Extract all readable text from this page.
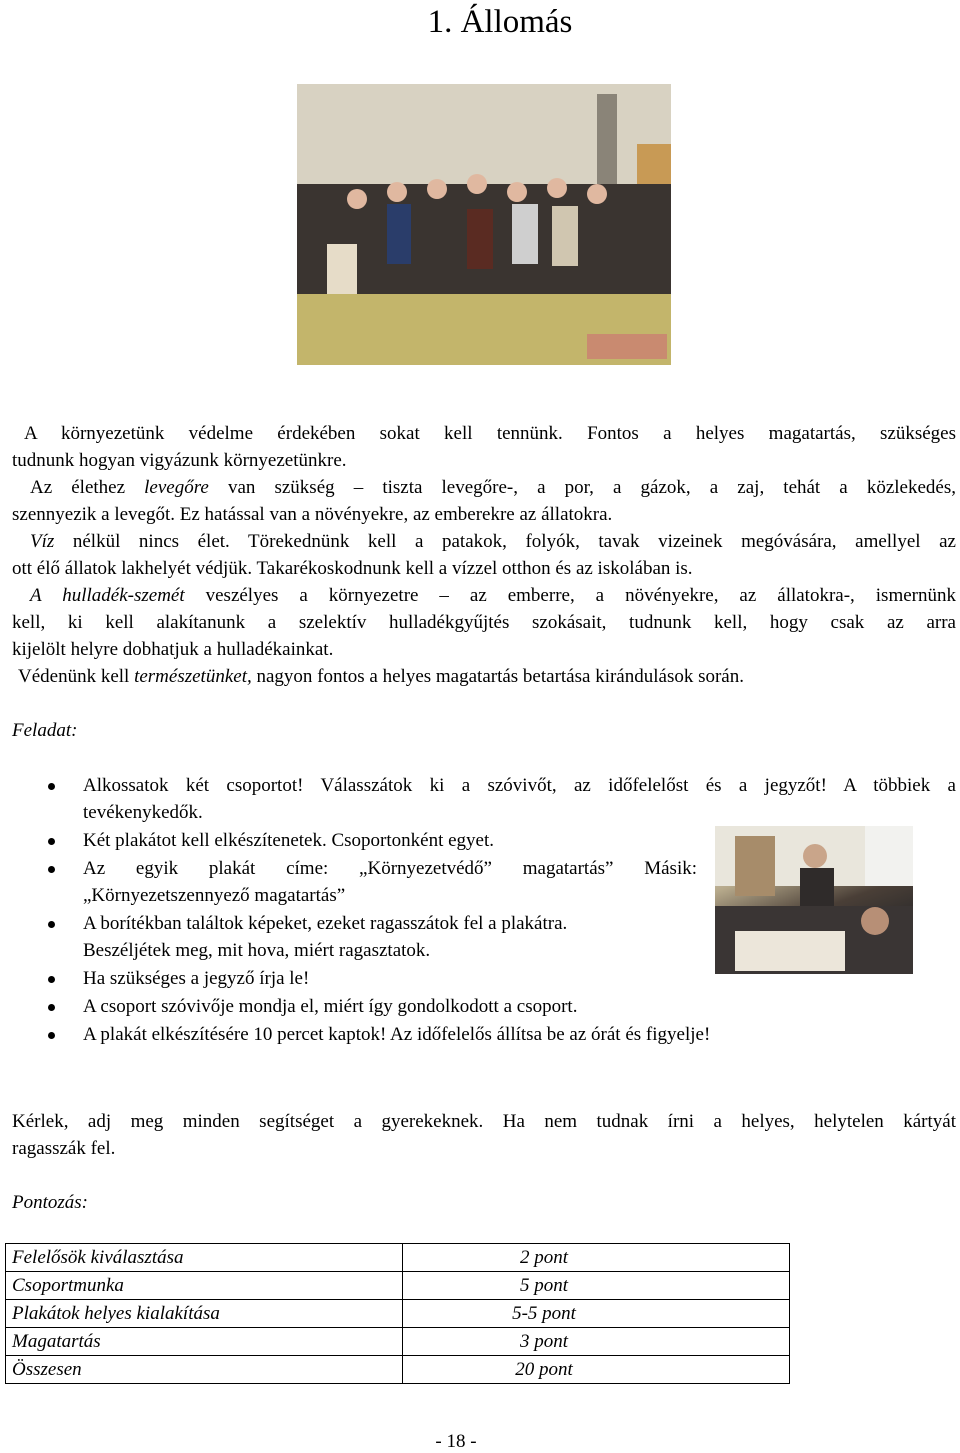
1. Állomás
A környezetünk védelme érdekében sokat kell tennünk. Fontos a helyes magatartás, szükséges
tudnunk hogyan vigyázunk környezetünkre.
Az élethez levegőre van szükség – tiszta levegőre-, a por, a gázok, a zaj, tehát a közlekedés,
szennyezik a levegőt. Ez hatással van a növényekre, az emberekre az állatokra.
Víz nélkül nincs élet. Törekednünk kell a patakok, folyók, tavak vizeinek megóvására, amellyel az
ott élő állatok lakhelyét védjük. Takarékoskodnunk kell a vízzel otthon és az iskolában is.
A hulladék-szemét veszélyes a környezetre – az emberre, a növényekre, az állatokra-, ismernünk
kell, ki kell alakítanunk a szelektív hulladékgyűjtés szokásait, tudnunk kell, hogy csak az arra
kijelölt helyre dobhatjuk a hulladékainkat.
Védenünk kell természetünket, nagyon fontos a helyes magatartás betartása kirándulások során.
Feladat:
Alkossatok két csoportot! Válasszátok ki a szóvivőt, az időfelelőst és a jegyzőt! A többiek a
tevékenykedők.
Két plakátot kell elkészítenetek. Csoportonként egyet.
Az egyik plakát címe: „Környezetvédő” magatartás” Másik:
„Környezetszennyező magatartás”
A borítékban találtok képeket, ezeket ragasszátok fel a plakátra.
Beszéljétek meg, mit hova, miért ragasztatok.
Ha szükséges a jegyző írja le!
A csoport szóvivője mondja el, miért így gondolkodott a csoport.
A plakát elkészítésére 10 percet kaptok! Az időfelelős állítsa be az órát és figyelje!
Kérlek, adj meg minden segítséget a gyerekeknek. Ha nem tudnak írni a helyes, helytelen kártyát
ragasszák fel.
Pontozás:
Felelősök kiválasztása	2 pont
Csoportmunka	5 pont
Plakátok helyes kialakítása	5-5 pont
Magatartás	3 pont
Összesen	20 pont
- 18 -
